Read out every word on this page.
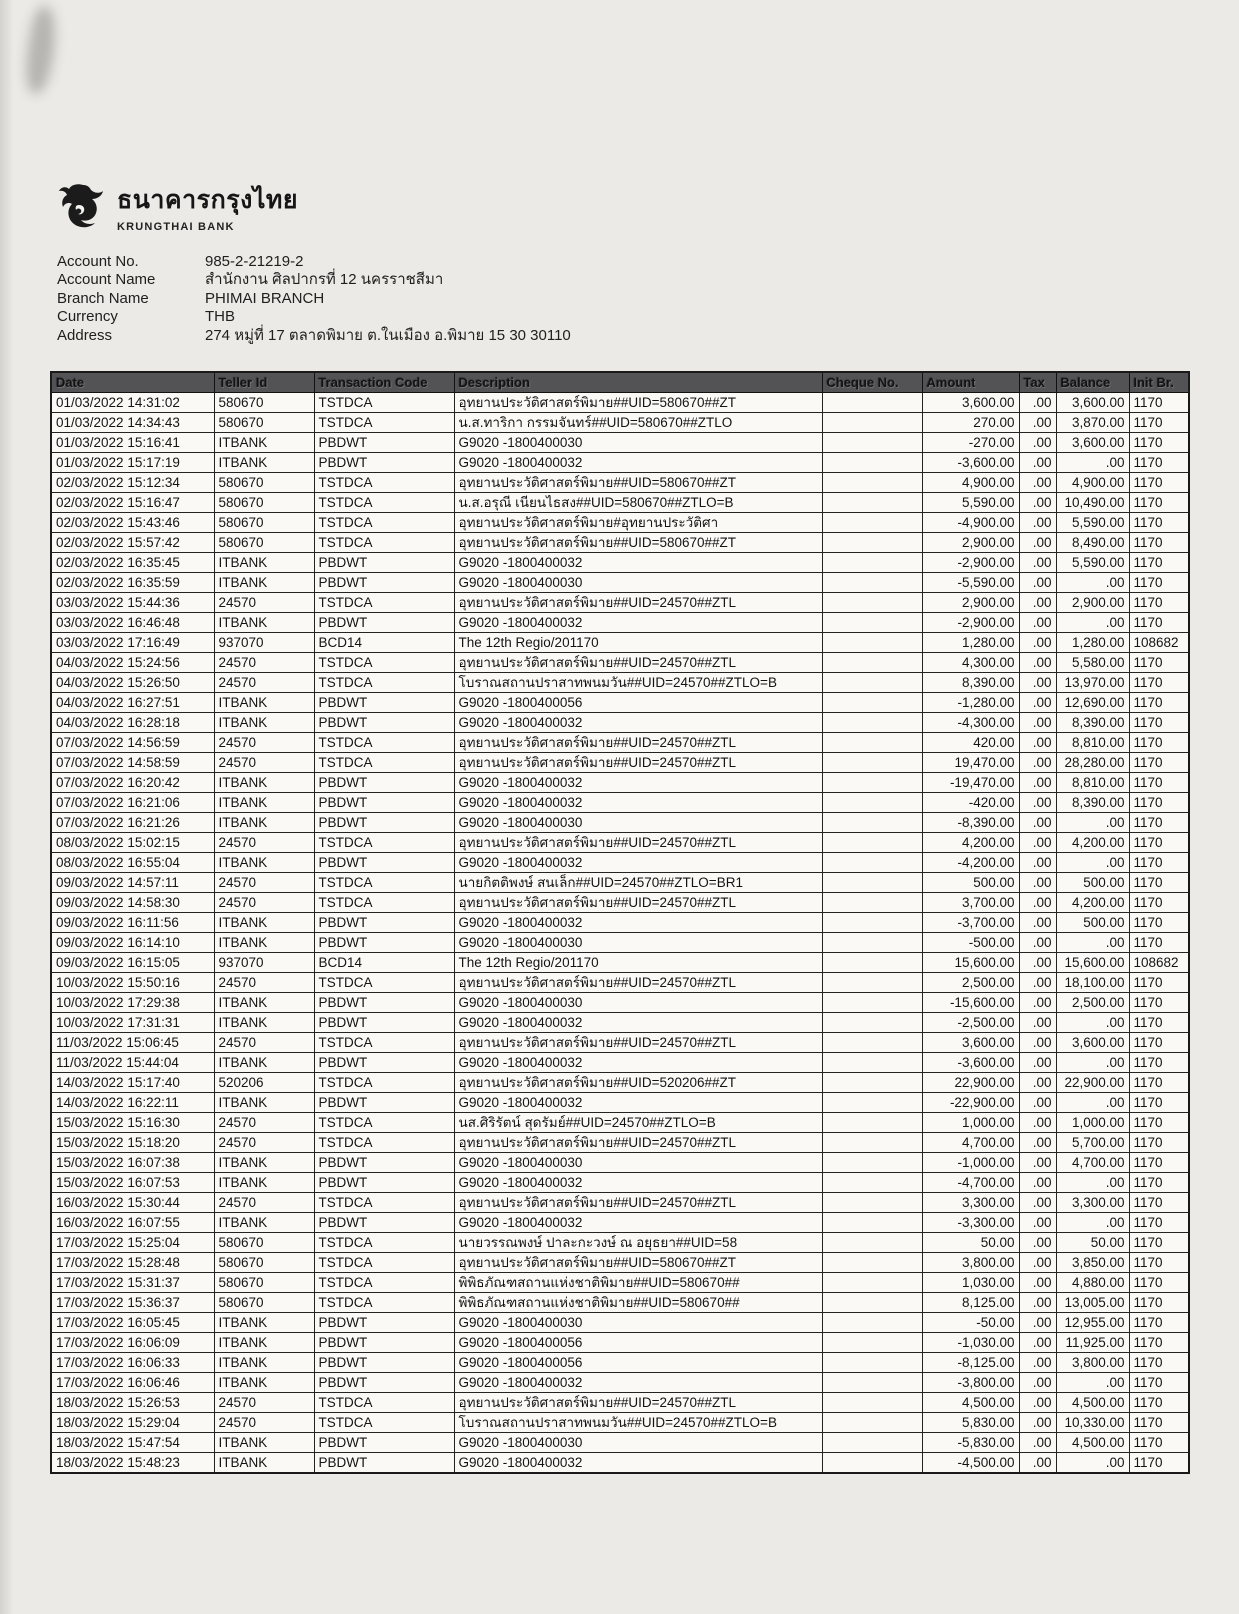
ธนาคารกรุงไทย
KRUNGTHAI BANK
Account No.	985-2-21219-2
Account Name	สำนักงาน ศิลปากรที่ 12 นครราชสีมา
Branch Name	PHIMAI BRANCH
Currency	THB
Address	274 หมู่ที่ 17 ตลาดพิมาย ต.ในเมือง อ.พิมาย 15 30 30110
Date	Teller Id	Transaction Code	Description	Cheque No.	Amount	Tax	Balance	Init Br.
01/03/2022 14:31:02	580670	TSTDCA	อุทยานประวัติศาสตร์พิมาย##UID=580670##ZT		3,600.00	.00	3,600.00	1170
01/03/2022 14:34:43	580670	TSTDCA	น.ส.ทาริกา กรรมจันทร์##UID=580670##ZTLO		270.00	.00	3,870.00	1170
01/03/2022 15:16:41	ITBANK	PBDWT	G9020 -1800400030		-270.00	.00	3,600.00	1170
01/03/2022 15:17:19	ITBANK	PBDWT	G9020 -1800400032		-3,600.00	.00	.00	1170
02/03/2022 15:12:34	580670	TSTDCA	อุทยานประวัติศาสตร์พิมาย##UID=580670##ZT		4,900.00	.00	4,900.00	1170
02/03/2022 15:16:47	580670	TSTDCA	น.ส.อรุณี เนียนไธสง##UID=580670##ZTLO=B		5,590.00	.00	10,490.00	1170
02/03/2022 15:43:46	580670	TSTDCA	อุทยานประวัติศาสตร์พิมาย#อุทยานประวัติศา		-4,900.00	.00	5,590.00	1170
02/03/2022 15:57:42	580670	TSTDCA	อุทยานประวัติศาสตร์พิมาย##UID=580670##ZT		2,900.00	.00	8,490.00	1170
02/03/2022 16:35:45	ITBANK	PBDWT	G9020 -1800400032		-2,900.00	.00	5,590.00	1170
02/03/2022 16:35:59	ITBANK	PBDWT	G9020 -1800400030		-5,590.00	.00	.00	1170
03/03/2022 15:44:36	24570	TSTDCA	อุทยานประวัติศาสตร์พิมาย##UID=24570##ZTL		2,900.00	.00	2,900.00	1170
03/03/2022 16:46:48	ITBANK	PBDWT	G9020 -1800400032		-2,900.00	.00	.00	1170
03/03/2022 17:16:49	937070	BCD14	The 12th Regio/201170		1,280.00	.00	1,280.00	108682
04/03/2022 15:24:56	24570	TSTDCA	อุทยานประวัติศาสตร์พิมาย##UID=24570##ZTL		4,300.00	.00	5,580.00	1170
04/03/2022 15:26:50	24570	TSTDCA	โบราณสถานปราสาทพนมวัน##UID=24570##ZTLO=B		8,390.00	.00	13,970.00	1170
04/03/2022 16:27:51	ITBANK	PBDWT	G9020 -1800400056		-1,280.00	.00	12,690.00	1170
04/03/2022 16:28:18	ITBANK	PBDWT	G9020 -1800400032		-4,300.00	.00	8,390.00	1170
07/03/2022 14:56:59	24570	TSTDCA	อุทยานประวัติศาสตร์พิมาย##UID=24570##ZTL		420.00	.00	8,810.00	1170
07/03/2022 14:58:59	24570	TSTDCA	อุทยานประวัติศาสตร์พิมาย##UID=24570##ZTL		19,470.00	.00	28,280.00	1170
07/03/2022 16:20:42	ITBANK	PBDWT	G9020 -1800400032		-19,470.00	.00	8,810.00	1170
07/03/2022 16:21:06	ITBANK	PBDWT	G9020 -1800400032		-420.00	.00	8,390.00	1170
07/03/2022 16:21:26	ITBANK	PBDWT	G9020 -1800400030		-8,390.00	.00	.00	1170
08/03/2022 15:02:15	24570	TSTDCA	อุทยานประวัติศาสตร์พิมาย##UID=24570##ZTL		4,200.00	.00	4,200.00	1170
08/03/2022 16:55:04	ITBANK	PBDWT	G9020 -1800400032		-4,200.00	.00	.00	1170
09/03/2022 14:57:11	24570	TSTDCA	นายกิตติพงษ์ สนเล็ก##UID=24570##ZTLO=BR1		500.00	.00	500.00	1170
09/03/2022 14:58:30	24570	TSTDCA	อุทยานประวัติศาสตร์พิมาย##UID=24570##ZTL		3,700.00	.00	4,200.00	1170
09/03/2022 16:11:56	ITBANK	PBDWT	G9020 -1800400032		-3,700.00	.00	500.00	1170
09/03/2022 16:14:10	ITBANK	PBDWT	G9020 -1800400030		-500.00	.00	.00	1170
09/03/2022 16:15:05	937070	BCD14	The 12th Regio/201170		15,600.00	.00	15,600.00	108682
10/03/2022 15:50:16	24570	TSTDCA	อุทยานประวัติศาสตร์พิมาย##UID=24570##ZTL		2,500.00	.00	18,100.00	1170
10/03/2022 17:29:38	ITBANK	PBDWT	G9020 -1800400030		-15,600.00	.00	2,500.00	1170
10/03/2022 17:31:31	ITBANK	PBDWT	G9020 -1800400032		-2,500.00	.00	.00	1170
11/03/2022 15:06:45	24570	TSTDCA	อุทยานประวัติศาสตร์พิมาย##UID=24570##ZTL		3,600.00	.00	3,600.00	1170
11/03/2022 15:44:04	ITBANK	PBDWT	G9020 -1800400032		-3,600.00	.00	.00	1170
14/03/2022 15:17:40	520206	TSTDCA	อุทยานประวัติศาสตร์พิมาย##UID=520206##ZT		22,900.00	.00	22,900.00	1170
14/03/2022 16:22:11	ITBANK	PBDWT	G9020 -1800400032		-22,900.00	.00	.00	1170
15/03/2022 15:16:30	24570	TSTDCA	นส.ศิริรัตน์ สุดรัมย์##UID=24570##ZTLO=B		1,000.00	.00	1,000.00	1170
15/03/2022 15:18:20	24570	TSTDCA	อุทยานประวัติศาสตร์พิมาย##UID=24570##ZTL		4,700.00	.00	5,700.00	1170
15/03/2022 16:07:38	ITBANK	PBDWT	G9020 -1800400030		-1,000.00	.00	4,700.00	1170
15/03/2022 16:07:53	ITBANK	PBDWT	G9020 -1800400032		-4,700.00	.00	.00	1170
16/03/2022 15:30:44	24570	TSTDCA	อุทยานประวัติศาสตร์พิมาย##UID=24570##ZTL		3,300.00	.00	3,300.00	1170
16/03/2022 16:07:55	ITBANK	PBDWT	G9020 -1800400032		-3,300.00	.00	.00	1170
17/03/2022 15:25:04	580670	TSTDCA	นายวรรณพงษ์ ปาละกะวงษ์ ณ อยุธยา##UID=58		50.00	.00	50.00	1170
17/03/2022 15:28:48	580670	TSTDCA	อุทยานประวัติศาสตร์พิมาย##UID=580670##ZT		3,800.00	.00	3,850.00	1170
17/03/2022 15:31:37	580670	TSTDCA	พิพิธภัณฑสถานแห่งชาติพิมาย##UID=580670##		1,030.00	.00	4,880.00	1170
17/03/2022 15:36:37	580670	TSTDCA	พิพิธภัณฑสถานแห่งชาติพิมาย##UID=580670##		8,125.00	.00	13,005.00	1170
17/03/2022 16:05:45	ITBANK	PBDWT	G9020 -1800400030		-50.00	.00	12,955.00	1170
17/03/2022 16:06:09	ITBANK	PBDWT	G9020 -1800400056		-1,030.00	.00	11,925.00	1170
17/03/2022 16:06:33	ITBANK	PBDWT	G9020 -1800400056		-8,125.00	.00	3,800.00	1170
17/03/2022 16:06:46	ITBANK	PBDWT	G9020 -1800400032		-3,800.00	.00	.00	1170
18/03/2022 15:26:53	24570	TSTDCA	อุทยานประวัติศาสตร์พิมาย##UID=24570##ZTL		4,500.00	.00	4,500.00	1170
18/03/2022 15:29:04	24570	TSTDCA	โบราณสถานปราสาทพนมวัน##UID=24570##ZTLO=B		5,830.00	.00	10,330.00	1170
18/03/2022 15:47:54	ITBANK	PBDWT	G9020 -1800400030		-5,830.00	.00	4,500.00	1170
18/03/2022 15:48:23	ITBANK	PBDWT	G9020 -1800400032		-4,500.00	.00	.00	1170
